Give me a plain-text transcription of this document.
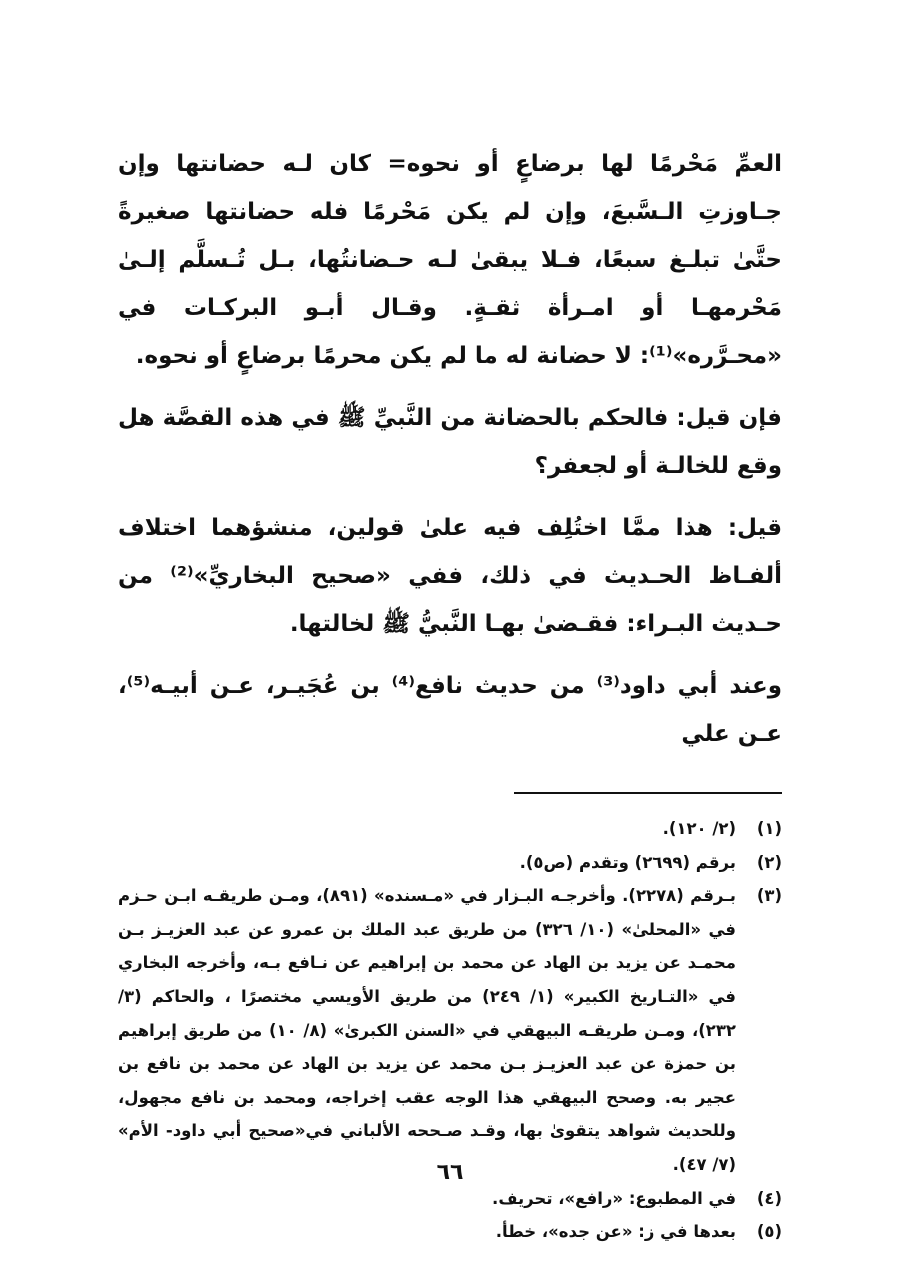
العمِّ مَحْرمًا لها برضاعٍ أو نحوه= كان لـه حضانتها وإن جـاوزتِ الـسَّبعَ، وإن لم يكن مَحْرمًا فله حضانتها صغيرةً حتَّىٰ تبلـغ سبعًا، فـلا يبقىٰ لـه حـضانتُها، بـل تُـسلَّم إلـىٰ مَحْرمهـا أو امـرأة ثقـةٍ. وقـال أبـو البركـات في «محـرَّره»⁽¹⁾: لا حضانة له ما لم يكن محرمًا برضاعٍ أو نحوه.

فإن قيل: فالحكم بالحضانة من النَّبيِّ ﷺ في هذه القصَّة هل وقع للخالـة أو لجعفر؟

قيل: هذا ممَّا اختُلِف فيه علىٰ قولين، منشؤهما اختلاف ألفـاظ الحـديث في ذلك، ففي «صحيح البخاريِّ»⁽²⁾ من حـديث البـراء: فقـضىٰ بهـا النَّبيُّ ﷺ لخالتها.

وعند أبي داود⁽³⁾ من حديث نافع⁽⁴⁾ بن عُجَيـر، عـن أبيـه⁽⁵⁾، عـن علي

(١)
(٢/ ١٢٠).
(٢)
برقم (٢٦٩٩) وتقدم (ص٥).
(٣)
بـرقم (٢٢٧٨). وأخرجـه البـزار في «مـسنده» (٨٩١)، ومـن طريقـه ابـن حـزم في «المحلىٰ» (١٠/ ٣٢٦) من طريق عبد الملك بن عمرو عن عبد العزيـز بـن محمـد عن يزيد بن الهاد عن محمد بن إبراهيم عن نـافع بـه، وأخرجه البخاري في «التـاريخ الكبير» (١/ ٢٤٩) من طريق الأويسي مختصرًا ، والحاكم (٣/ ٢٣٢)، ومـن طريقـه البيهقي في «السنن الكبرىٰ» (٨/ ١٠) من طريق إبراهيم بن حمزة عن عبد العزيـز بـن محمد عن يزيد بن الهاد عن محمد بن نافع بن عجير به. وصحح البيهقي هذا الوجه عقب إخراجه، ومحمد بن نافع مجهول، وللحديث شواهد يتقوىٰ بها، وقـد صـححه الألباني في«صحيح أبي داود- الأم» (٧/ ٤٧).
(٤)
في المطبوع: «رافع»، تحريف.
(٥)
بعدها في ز: «عن جده»، خطأ.
٦٦
